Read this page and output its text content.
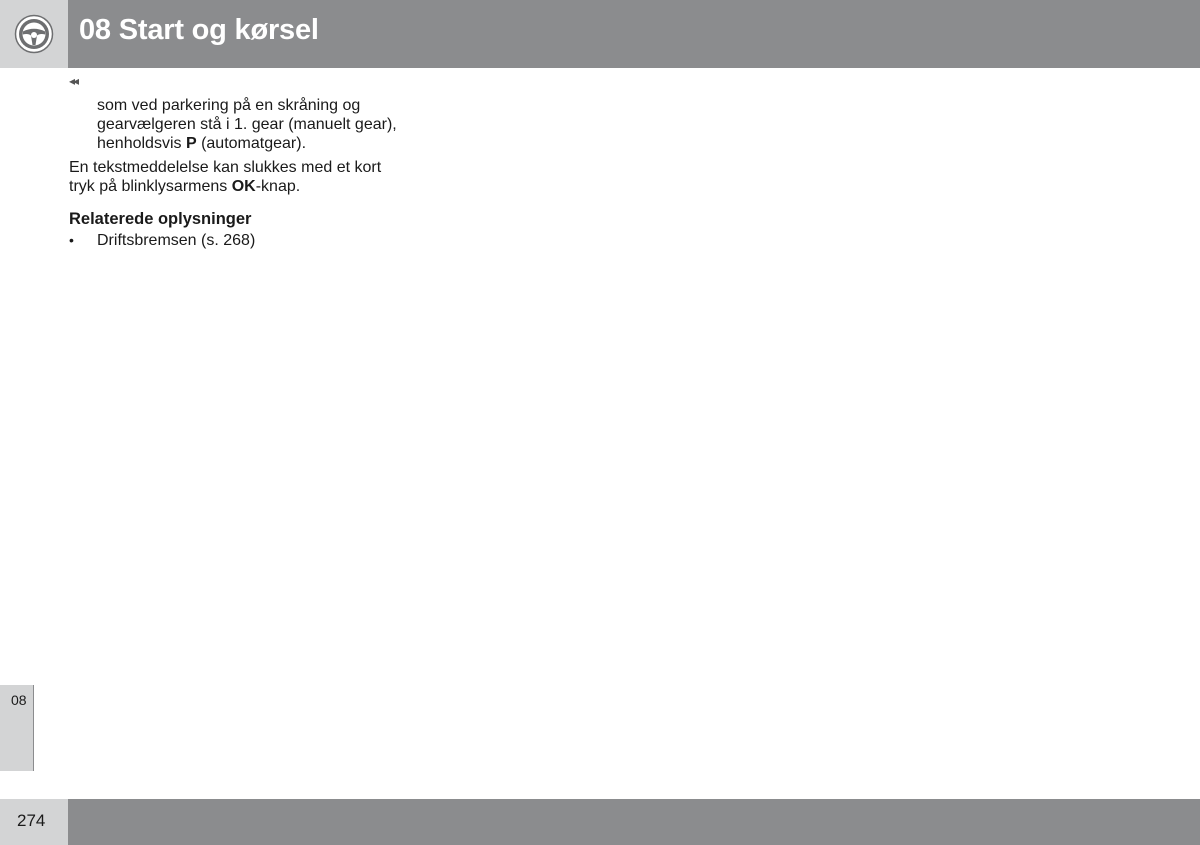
08 Start og kørsel
◂◂
som ved parkering på en skråning og
gearvælgeren stå i 1. gear (manuelt gear),
henholdsvis P (automatgear).
En tekstmeddelelse kan slukkes med et kort
tryk på blinklysarmens OK-knap.
Relaterede oplysninger
• Driftsbremsen (s. 268)
08
274
